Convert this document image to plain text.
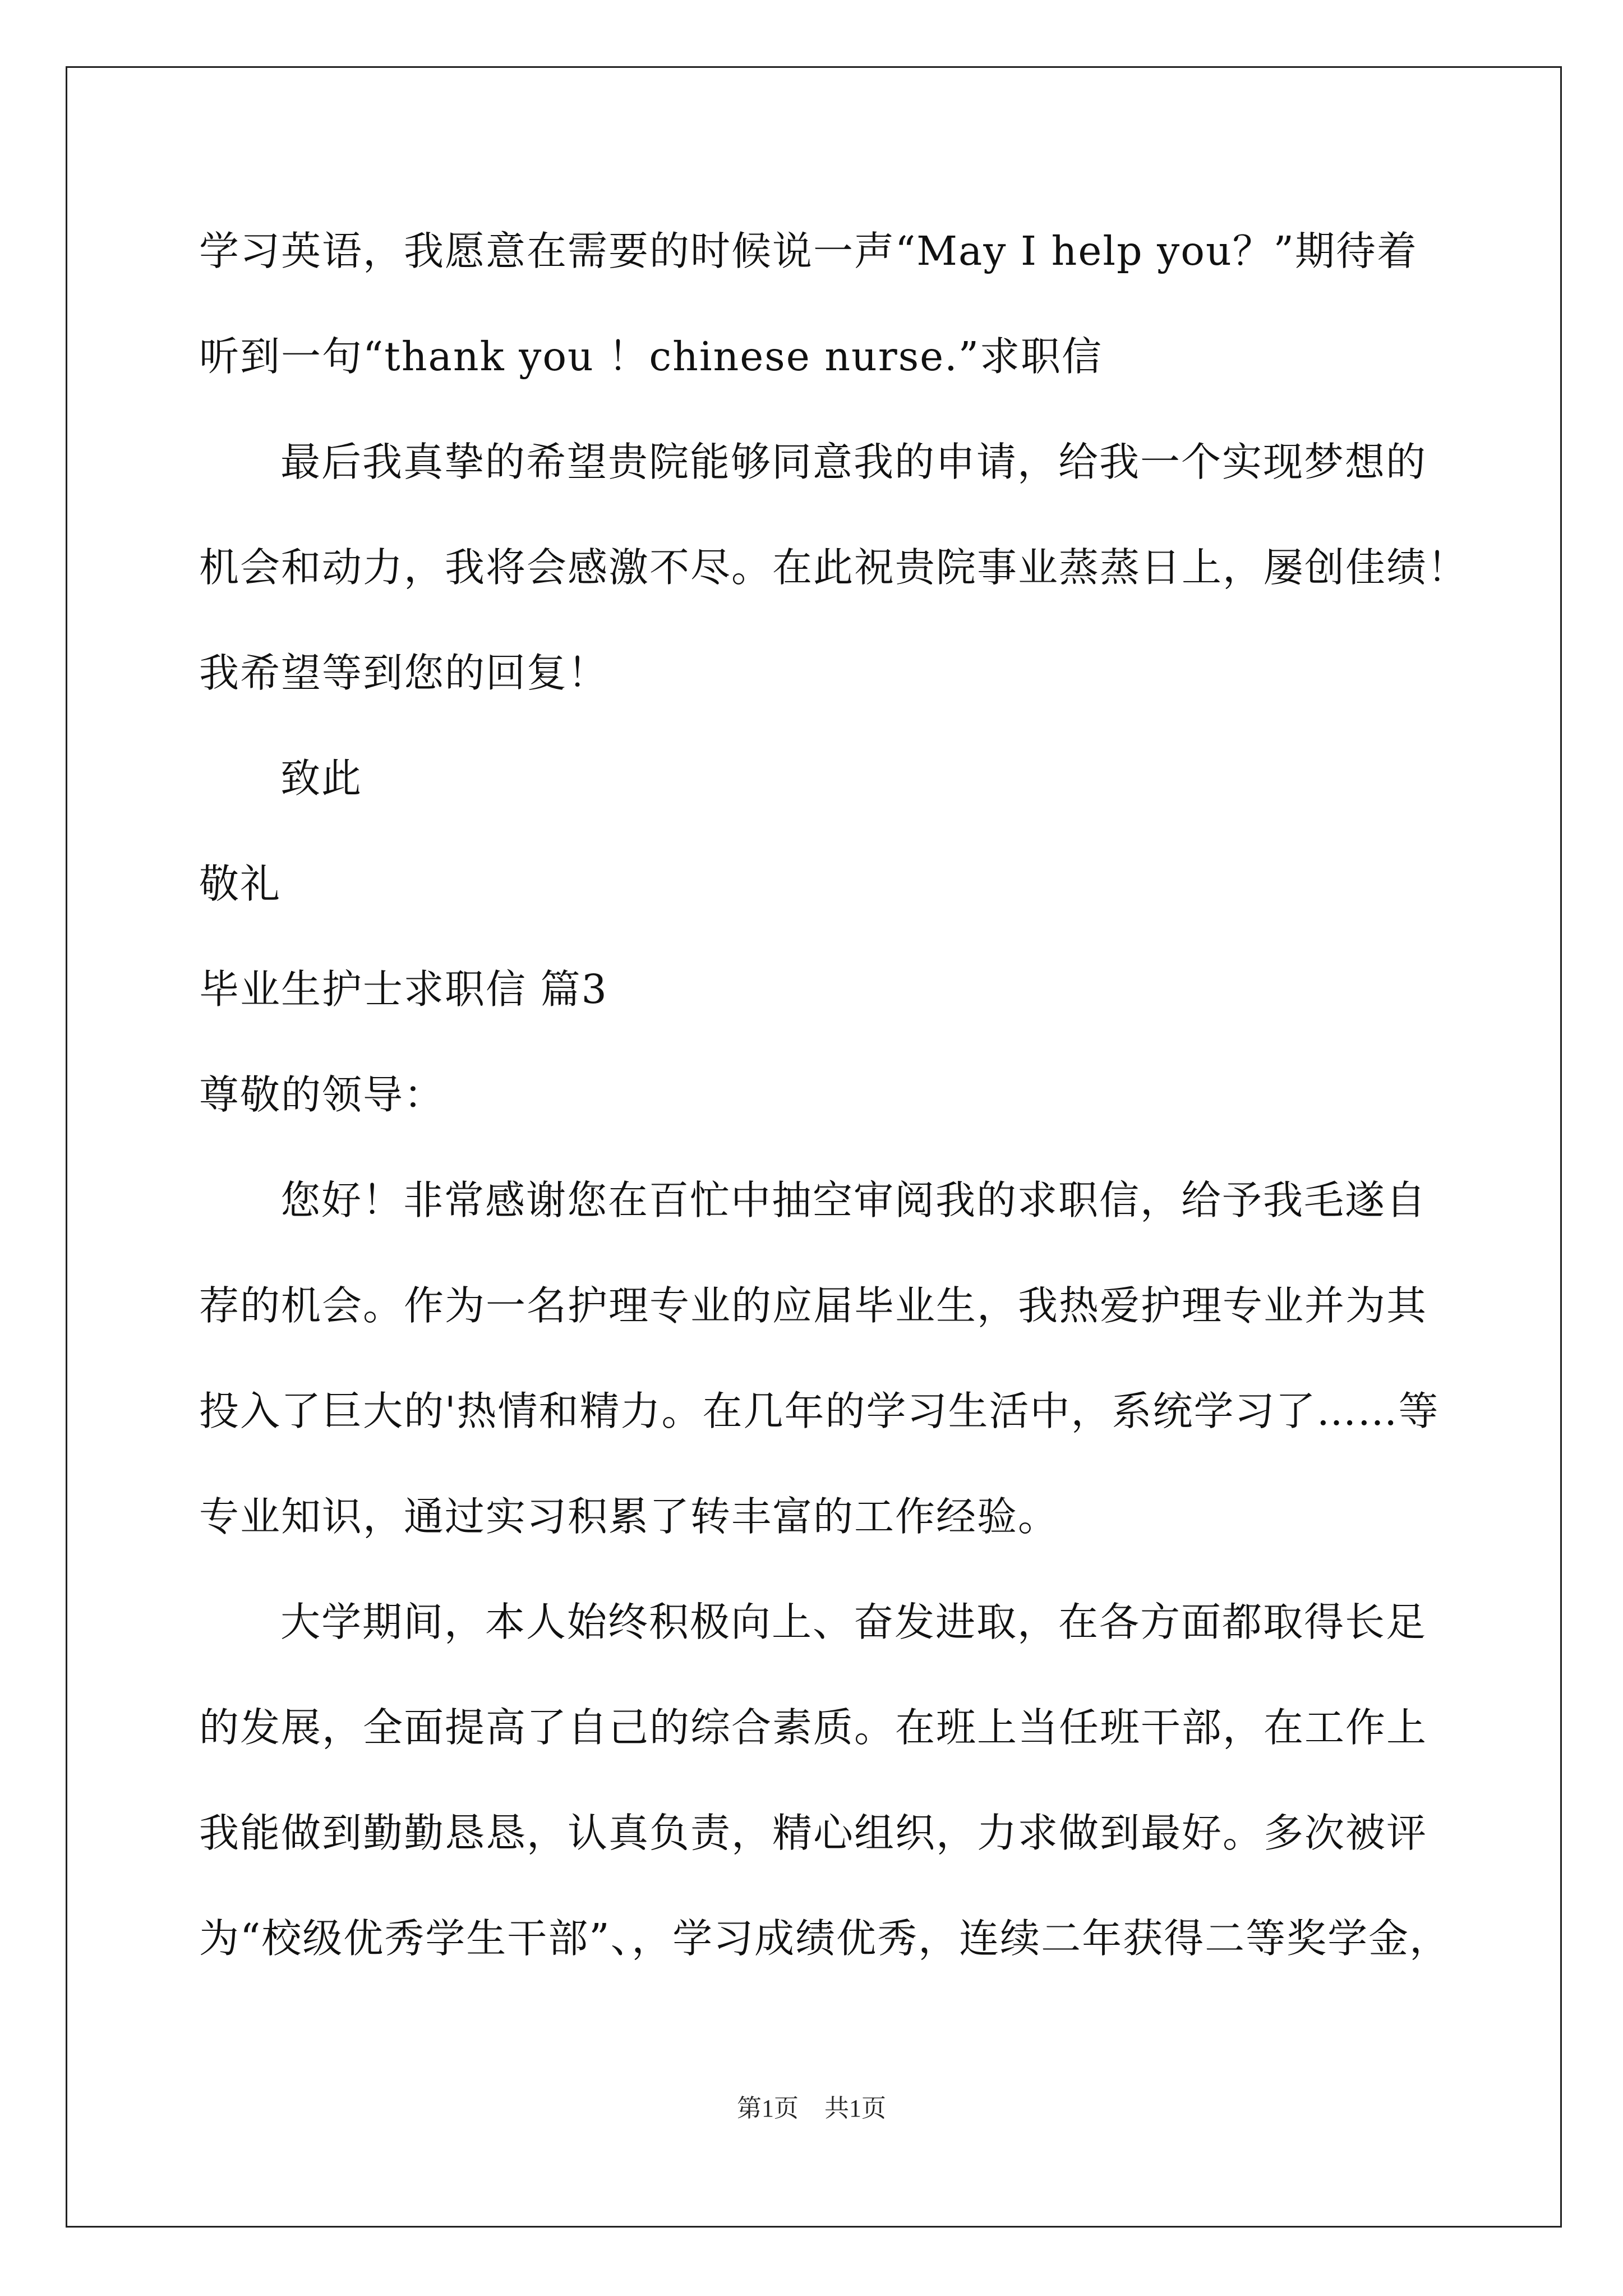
学习英语，我愿意在需要的时候说一声“May I help you？”期待着
听到一句“thank you ！chinese nurse.”求职信
最后我真挚的希望贵院能够同意我的申请，给我一个实现梦想的
机会和动力，我将会感激不尽。在此祝贵院事业蒸蒸日上，屡创佳绩！
我希望等到您的回复！
致此
敬礼
毕业生护士求职信 篇3
尊敬的领导：
您好！非常感谢您在百忙中抽空审阅我的求职信，给予我毛遂自
荐的机会。作为一名护理专业的应届毕业生，我热爱护理专业并为其
投入了巨大的'热情和精力。在几年的学习生活中，系统学习了……等
专业知识，通过实习积累了转丰富的工作经验。
大学期间，本人始终积极向上、奋发进取，在各方面都取得长足
的发展，全面提高了自己的综合素质。在班上当任班干部，在工作上
我能做到勤勤恳恳，认真负责，精心组织，力求做到最好。多次被评
为“校级优秀学生干部”、，学习成绩优秀，连续二年获得二等奖学金，
第1页 共1页
